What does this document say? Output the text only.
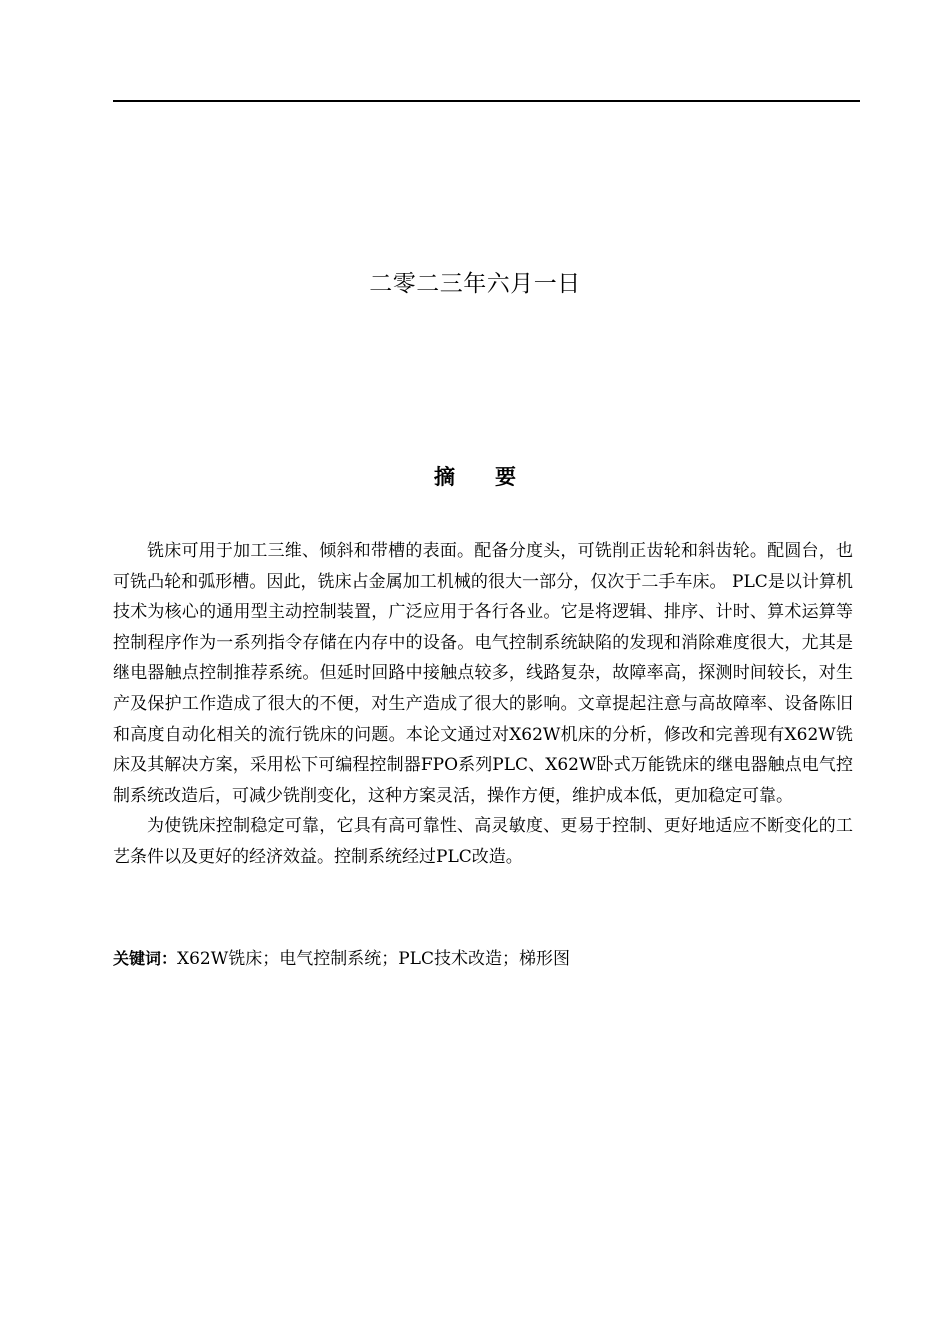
二零二三年六月一日
摘 要

铣床可用于加工三维、倾斜和带槽的表面。配备分度头，可铣削正齿轮和斜齿轮。配圆台，也可铣凸轮和弧形槽。因此，铣床占金属加工机械的很大一部分，仅次于二手车床。 PLC是以计算机技术为核心的通用型主动控制装置，广泛应用于各行各业。它是将逻辑、排序、计时、算术运算等控制程序作为一系列指令存储在内存中的设备。电气控制系统缺陷的发现和消除难度很大，尤其是继电器触点控制推荐系统。但延时回路中接触点较多，线路复杂，故障率高，探测时间较长，对生产及保护工作造成了很大的不便，对生产造成了很大的影响。文章提起注意与高故障率、设备陈旧和高度自动化相关的流行铣床的问题。本论文通过对X62W机床的分析，修改和完善现有X62W铣床及其解决方案，采用松下可编程控制器FPO系列PLC、X62W卧式万能铣床的继电器触点电气控制系统改造后，可减少铣削变化，这种方案灵活，操作方便，维护成本低，更加稳定可靠。

为使铣床控制稳定可靠，它具有高可靠性、高灵敏度、更易于控制、更好地适应不断变化的工艺条件以及更好的经济效益。控制系统经过PLC改造。

关键词：X62W铣床；电气控制系统；PLC技术改造；梯形图
